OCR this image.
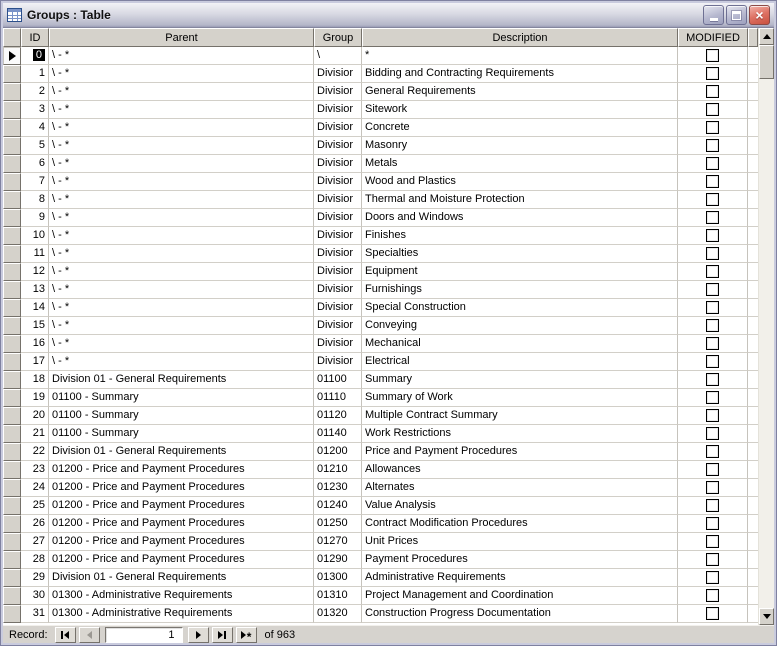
Groups : Table	×
ID	Parent	Group	Description	MODIFIED
0 \ - *	\	*
1 \ - *	Divisior	Bidding and Contracting Requirements
2 \ - *	Divisior	General Requirements
3 \ - *	Divisior	Sitework
4 \ - *	Divisior	Concrete
5 \ - *	Divisior	Masonry
6 \ - *	Divisior	Metals
7 \ - *	Divisior	Wood and Plastics
8 \ - *	Divisior	Thermal and Moisture Protection
9 \ - *	Divisior	Doors and Windows
10 \ - *	Divisior	Finishes
11 \ - *	Divisior	Specialties
12 \ - *	Divisior	Equipment
13 \ - *	Divisior	Furnishings
14 \ - *	Divisior	Special Construction
15 \ - *	Divisior	Conveying
16 \ - *	Divisior	Mechanical
17 \ - *	Divisior	Electrical
18 Division 01 - General Requirements	01100	Summary
19 01100 - Summary	01110	Summary of Work
20 01100 - Summary	01120	Multiple Contract Summary
21 01100 - Summary	01140	Work Restrictions
22 Division 01 - General Requirements	01200	Price and Payment Procedures
23 01200 - Price and Payment Procedures	01210	Allowances
24 01200 - Price and Payment Procedures	01230	Alternates
25 01200 - Price and Payment Procedures	01240	Value Analysis
26 01200 - Price and Payment Procedures	01250	Contract Modification Procedures
27 01200 - Price and Payment Procedures	01270	Unit Prices
28 01200 - Price and Payment Procedures	01290	Payment Procedures
29 Division 01 - General Requirements	01300	Administrative Requirements
30 01300 - Administrative Requirements	01310	Project Management and Coordination
31 01300 - Administrative Requirements	01320	Construction Progress Documentation
Record:	1	* of 963
